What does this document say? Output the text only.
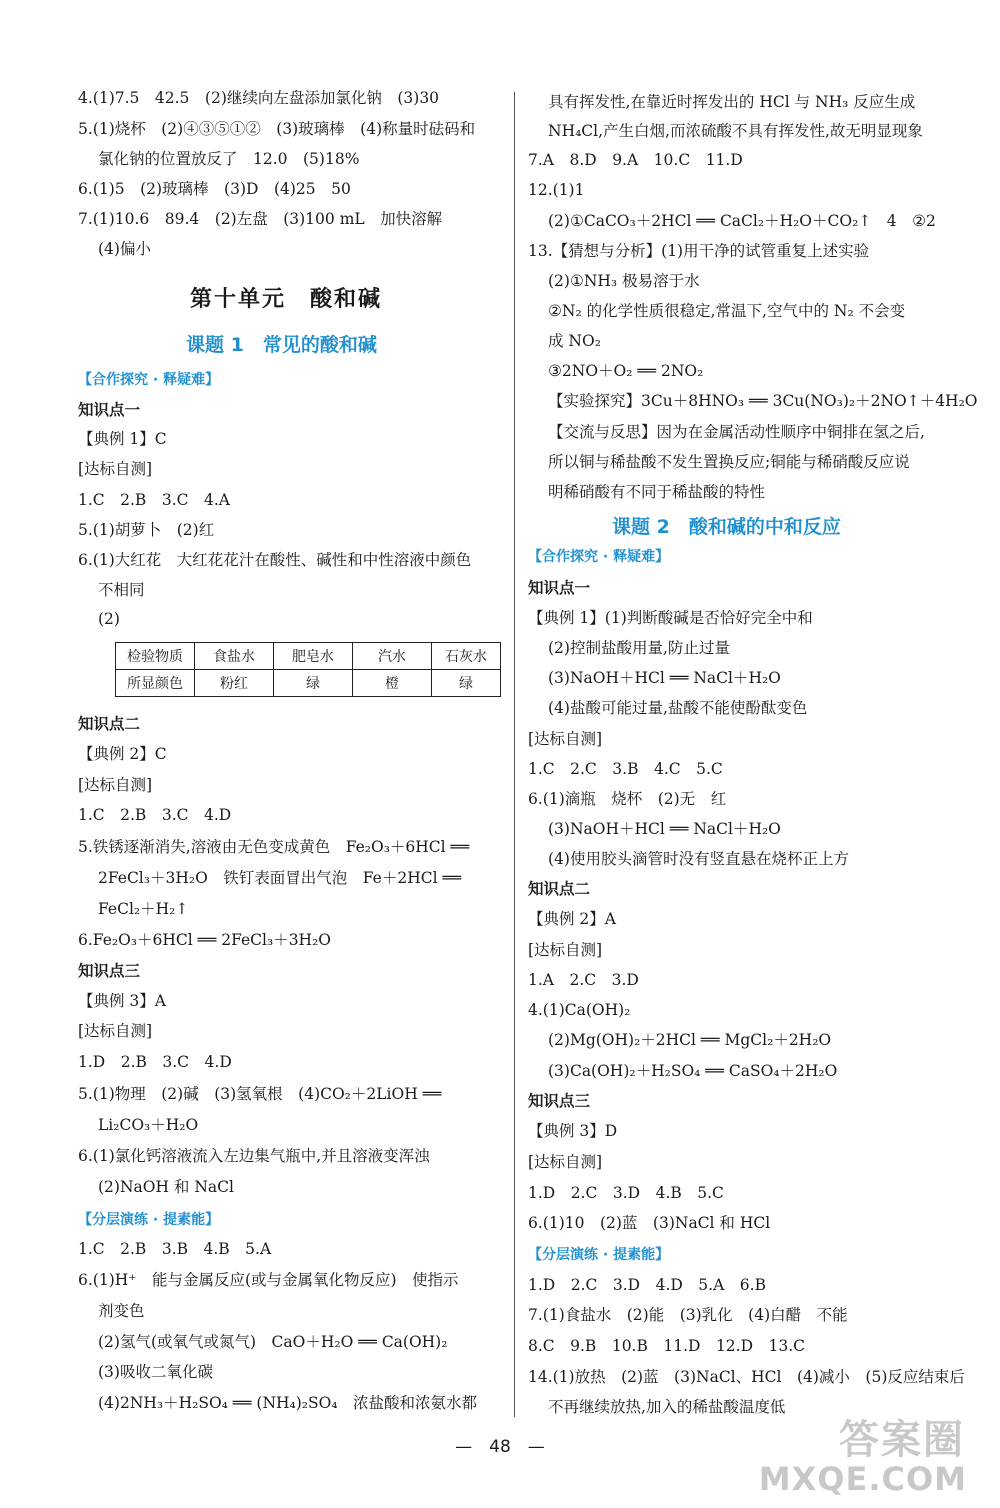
4.(1)7.5　42.5　(2)继续向左盘添加氯化钠　(3)30
5.(1)烧杯　(2)④③⑤①②　(3)玻璃棒　(4)称量时砝码和
氯化钠的位置放反了　12.0　(5)18%
6.(1)5　(2)玻璃棒　(3)D　(4)25　50
7.(1)10.6　89.4　(2)左盘　(3)100 mL　加快溶解
(4)偏小
知识点一
【典例 1】C
[达标自测]
1.C　2.B　3.C　4.A
5.(1)胡萝卜　(2)红
6.(1)大红花　大红花花汁在酸性、碱性和中性溶液中颜色
不相同
(2)
知识点二
【典例 2】C
[达标自测]
1.C　2.B　3.C　4.D
5.铁锈逐渐消失,溶液由无色变成黄色　Fe₂O₃＋6HCl ══
2FeCl₃＋3H₂O　铁钉表面冒出气泡　Fe＋2HCl ══
FeCl₂＋H₂↑
6.Fe₂O₃＋6HCl ══ 2FeCl₃＋3H₂O
知识点三
【典例 3】A
[达标自测]
1.D　2.B　3.C　4.D
5.(1)物理　(2)碱　(3)氢氧根　(4)CO₂＋2LiOH ══
Li₂CO₃＋H₂O
6.(1)氯化钙溶液流入左边集气瓶中,并且溶液变浑浊
(2)NaOH 和 NaCl
1.C　2.B　3.B　4.B　5.A
6.(1)H⁺　能与金属反应(或与金属氧化物反应)　使指示
剂变色
(2)氢气(或氧气或氮气)　CaO＋H₂O ══ Ca(OH)₂
(3)吸收二氧化碳
(4)2NH₃＋H₂SO₄ ══ (NH₄)₂SO₄　浓盐酸和浓氨水都
具有挥发性,在靠近时挥发出的 HCl 与 NH₃ 反应生成
NH₄Cl,产生白烟,而浓硫酸不具有挥发性,故无明显现象
7.A　8.D　9.A　10.C　11.D
12.(1)1
(2)①CaCO₃＋2HCl ══ CaCl₂＋H₂O＋CO₂↑　4　②2
13.【猜想与分析】(1)用干净的试管重复上述实验
(2)①NH₃ 极易溶于水
②N₂ 的化学性质很稳定,常温下,空气中的 N₂ 不会变
成 NO₂
③2NO＋O₂ ══ 2NO₂
【实验探究】3Cu＋8HNO₃ ══ 3Cu(NO₃)₂＋2NO↑＋4H₂O
【交流与反思】因为在金属活动性顺序中铜排在氢之后,
所以铜与稀盐酸不发生置换反应;铜能与稀硝酸反应说
明稀硝酸有不同于稀盐酸的特性
知识点一
【典例 1】(1)判断酸碱是否恰好完全中和
(2)控制盐酸用量,防止过量
(3)NaOH＋HCl ══ NaCl＋H₂O
(4)盐酸可能过量,盐酸不能使酚酞变色
[达标自测]
1.C　2.C　3.B　4.C　5.C
6.(1)滴瓶　烧杯　(2)无　红
(3)NaOH＋HCl ══ NaCl＋H₂O
(4)使用胶头滴管时没有竖直悬在烧杯正上方
知识点二
【典例 2】A
[达标自测]
1.A　2.C　3.D
4.(1)Ca(OH)₂
(2)Mg(OH)₂＋2HCl ══ MgCl₂＋2H₂O
(3)Ca(OH)₂＋H₂SO₄ ══ CaSO₄＋2H₂O
知识点三
【典例 3】D
[达标自测]
1.D　2.C　3.D　4.B　5.C
6.(1)10　(2)蓝　(3)NaCl 和 HCl
1.D　2.C　3.D　4.D　5.A　6.B
7.(1)食盐水　(2)能　(3)乳化　(4)白醋　不能
8.C　9.B　10.B　11.D　12.D　13.C
14.(1)放热　(2)蓝　(3)NaCl、HCl　(4)减小　(5)反应结束后
不再继续放热,加入的稀盐酸温度低
第十单元　酸和碱
课题 1　常见的酸和碱
【合作探究 · 释疑难】
【分层演练 · 提素能】
课题 2　酸和碱的中和反应
【合作探究 · 释疑难】
【分层演练 · 提素能】
检验物质	食盐水	肥皂水	汽水	石灰水
所显颜色	粉红	绿	橙	绿
—　48　—	答案圈
MXQE.COM
